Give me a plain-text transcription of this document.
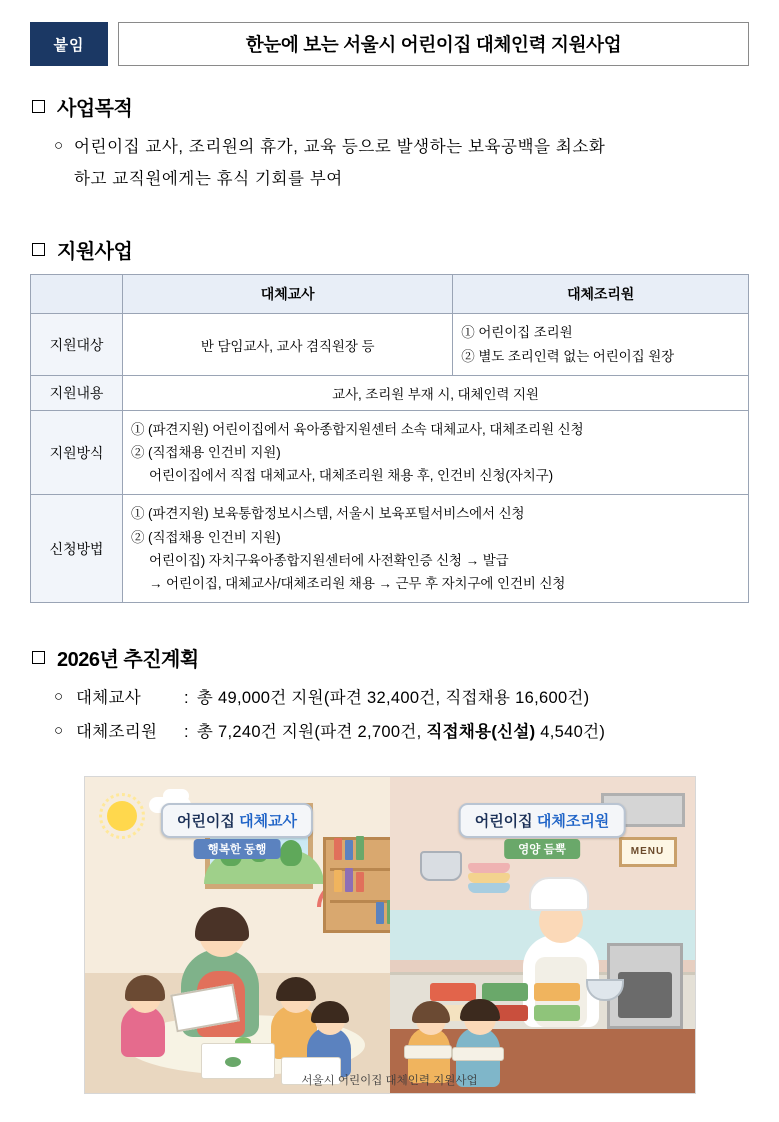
붙임	한눈에 보는 서울시 어린이집 대체인력 지원사업
사업목적
○ 어린이집 교사, 조리원의 휴가, 교육 등으로 발생하는 보육공백을 최소화
하고 교직원에게는 휴식 기회를 부여
지원사업
	대체교사	대체조리원
지원대상	반 담임교사, 교사 겸직원장 등	① 어린이집 조리원
② 별도 조리인력 없는 어린이집 원장

지원내용	교사, 조리원 부재 시, 대체인력 지원	
지원방식	① (파견지원) 어린이집에서 육아종합지원센터 소속 대체교사, 대체조리원 신청
② (직접채용 인건비 지원)
어린이집에서 직접 대체교사, 대체조리원 채용 후, 인건비 신청(자치구)	

신청방법	① (파견지원) 보육통합정보시스템, 서울시 보육포털서비스에서 신청
② (직접채용 인건비 지원)
어린이집) 자치구육아종합지원센터에 사전확인증 신청 → 발급
→ 어린이집, 대체교사/대체조리원 채용 → 근무 후 자치구에 인건비 신청	
2026년 추진계획
○ 대체교사	: 총 49,000건 지원(파견 32,400건, 직접채용 16,600건)
○ 대체조리원	: 총 7,240건 지원(파견 2,700건, 직접채용(신설) 4,540건)
어린이집 대체교사
행복한 동행	MENU
어린이집 대체조리원
영양 듬뿍
서울시 어린이집 대체인력 지원사업
